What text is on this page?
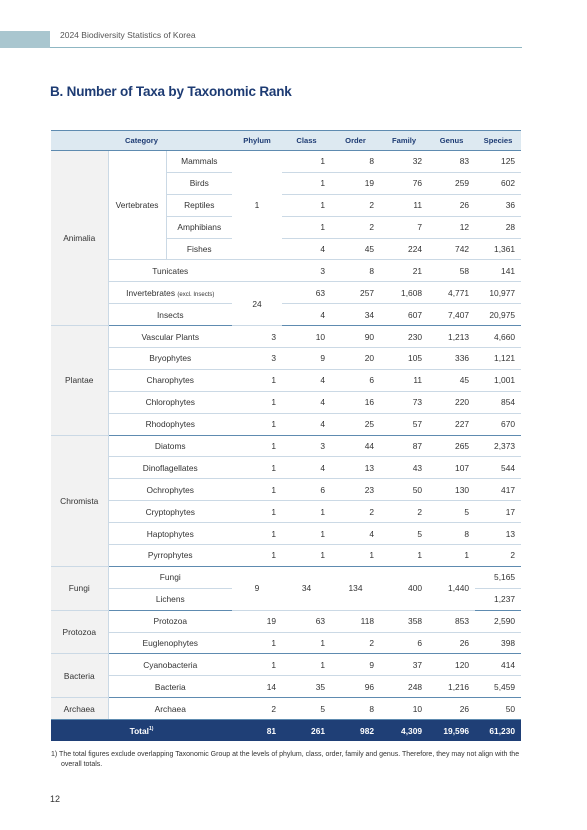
2024 Biodiversity Statistics of Korea
B. Number of Taxa by Taxonomic Rank
Category			Phylum	Class	Order	Family	Genus	Species
Animalia	Vertebrates	Mammals	1	1	8	32	83	125
		Birds		1	19	76	259	602
		Reptiles		1	2	11	26	36
		Amphibians		1	2	7	12	28
		Fishes		4	45	224	742	1,361
	Tunicates			3	8	21	58	141
	Invertebrates (excl. Insects)		24	63	257	1,608	4,771	10,977
	Insects			4	34	607	7,407	20,975
Plantae	Vascular Plants		3	10	90	230	1,213	4,660
	Bryophytes		3	9	20	105	336	1,121
	Charophytes		1	4	6	11	45	1,001
	Chlorophytes		1	4	16	73	220	854
	Rhodophytes		1	4	25	57	227	670
Chromista	Diatoms		1	3	44	87	265	2,373
	Dinoflagellates		1	4	13	43	107	544
	Ochrophytes		1	6	23	50	130	417
	Cryptophytes		1	1	2	2	5	17
	Haptophytes		1	1	4	5	8	13
	Pyrrophytes		1	1	1	1	1	2
Fungi	Fungi		9	34	134	400	1,440	5,165
	Lichens							1,237
Protozoa	Protozoa		19	63	118	358	853	2,590
	Euglenophytes		1	1	2	6	26	398
Bacteria	Cyanobacteria		1	1	9	37	120	414
	Bacteria		14	35	96	248	1,216	5,459
Archaea	Archaea		2	5	8	10	26	50
Total$^{1)}$			81	261	982	4,309	19,596	61,230
1) The total figures exclude overlapping Taxonomic Group at the levels of phylum, class, order, family and genus. Therefore, they may not align with the
overall totals.
12
